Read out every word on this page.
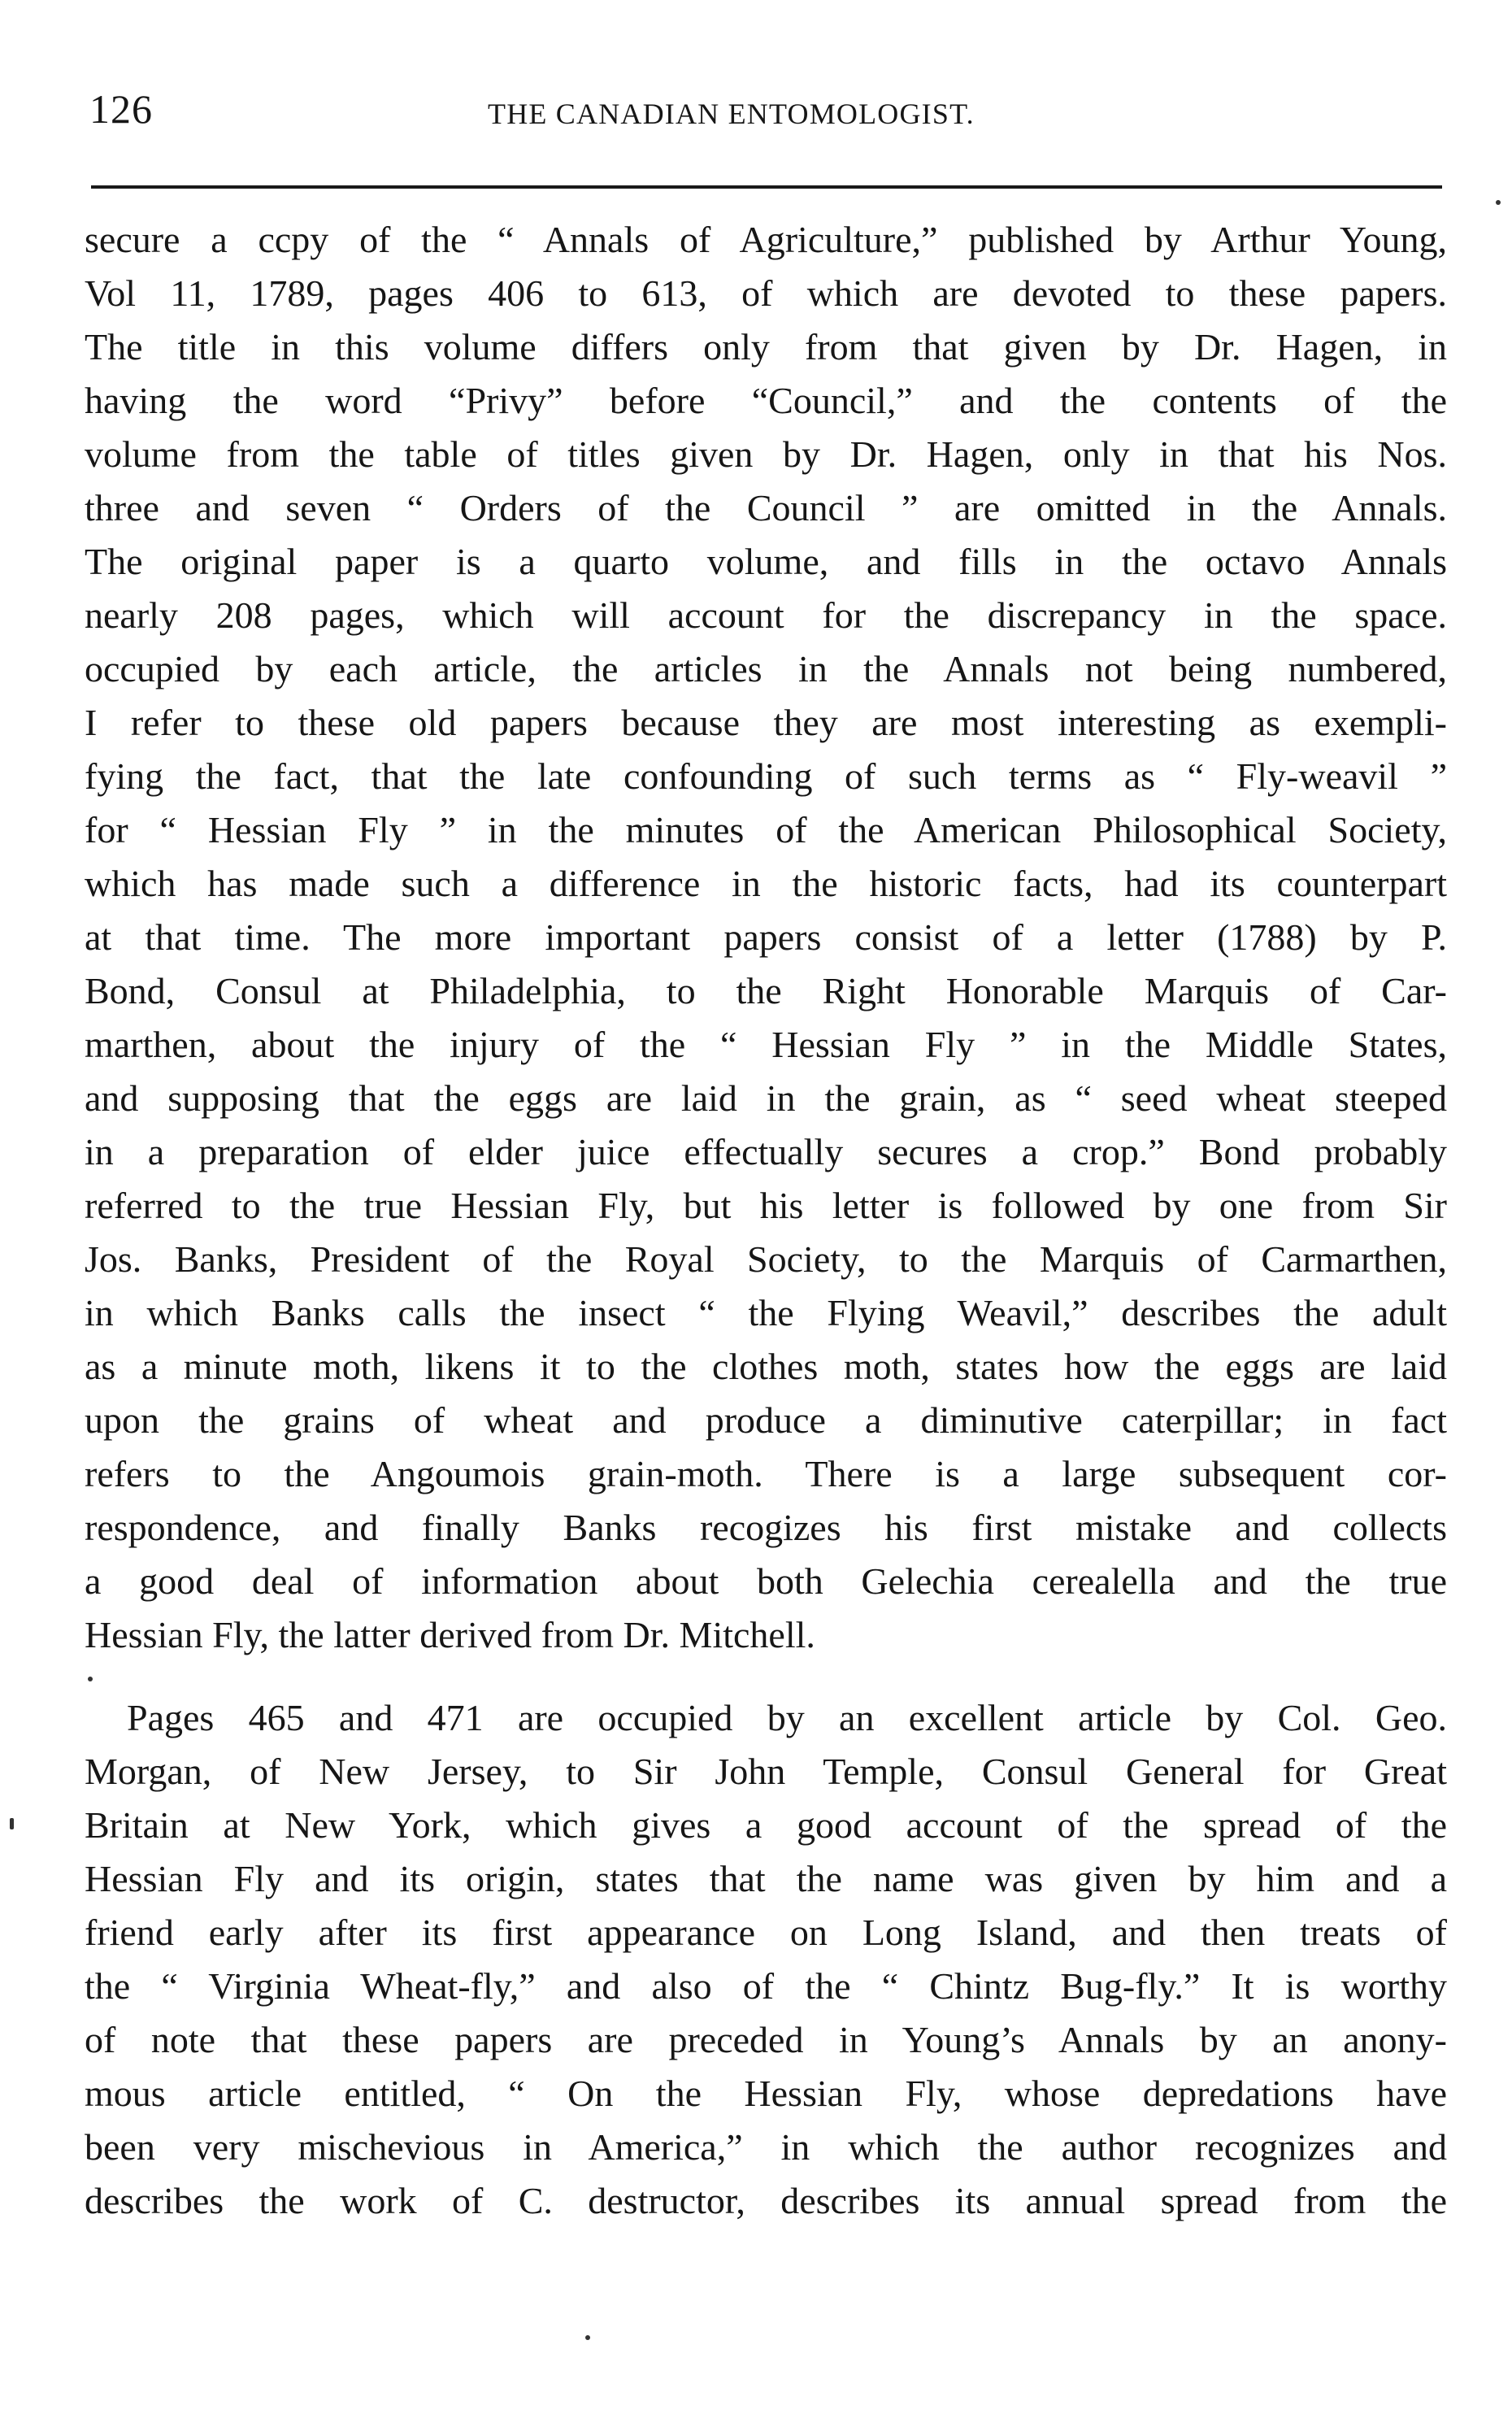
126	THE CANADIAN ENTOMOLOGIST.
secure a ccpy of the “ Annals of Agriculture,” published by Arthur Young,
Vol 11, 1789, pages 406 to 613, of which are devoted to these papers.
The title in this volume differs only from that given by Dr. Hagen, in
having the word “Privy” before “Council,” and the contents of the
volume from the table of titles given by Dr. Hagen, only in that his Nos.
three and seven “ Orders of the Council ” are omitted in the Annals.
The original paper is a quarto volume, and fills in the octavo Annals
nearly 208 pages, which will account for the discrepancy in the space.
occupied by each article, the articles in the Annals not being numbered,
I refer to these old papers because they are most interesting as exempli-
fying the fact, that the late confounding of such terms as “ Fly-weavil ”
for “ Hessian Fly ” in the minutes of the American Philosophical Society,
which has made such a difference in the historic facts, had its counterpart
at that time. The more important papers consist of a letter (1788) by P.
Bond, Consul at Philadelphia, to the Right Honorable Marquis of Car-
marthen, about the injury of the “ Hessian Fly ” in the Middle States,
and supposing that the eggs are laid in the grain, as “ seed wheat steeped
in a preparation of elder juice effectually secures a crop.” Bond probably
referred to the true Hessian Fly, but his letter is followed by one from Sir
Jos. Banks, President of the Royal Society, to the Marquis of Carmarthen,
in which Banks calls the insect “ the Flying Weavil,” describes the adult
as a minute moth, likens it to the clothes moth, states how the eggs are laid
upon the grains of wheat and produce a diminutive caterpillar; in fact
refers to the Angoumois grain-moth. There is a large subsequent cor-
respondence, and finally Banks recogizes his first mistake and collects
a good deal of information about both Gelechia cerealella and the true
Hessian Fly, the latter derived from Dr. Mitchell.
Pages 465 and 471 are occupied by an excellent article by Col. Geo.
Morgan, of New Jersey, to Sir John Temple, Consul General for Great
Britain at New York, which gives a good account of the spread of the
Hessian Fly and its origin, states that the name was given by him and a
friend early after its first appearance on Long Island, and then treats of
the “ Virginia Wheat-fly,” and also of the “ Chintz Bug-fly.” It is worthy
of note that these papers are preceded in Young’s Annals by an anony-
mous article entitled, “ On the Hessian Fly, whose depredations have
been very mischevious in America,” in which the author recognizes and
describes the work of C. destructor, describes its annual spread from the
